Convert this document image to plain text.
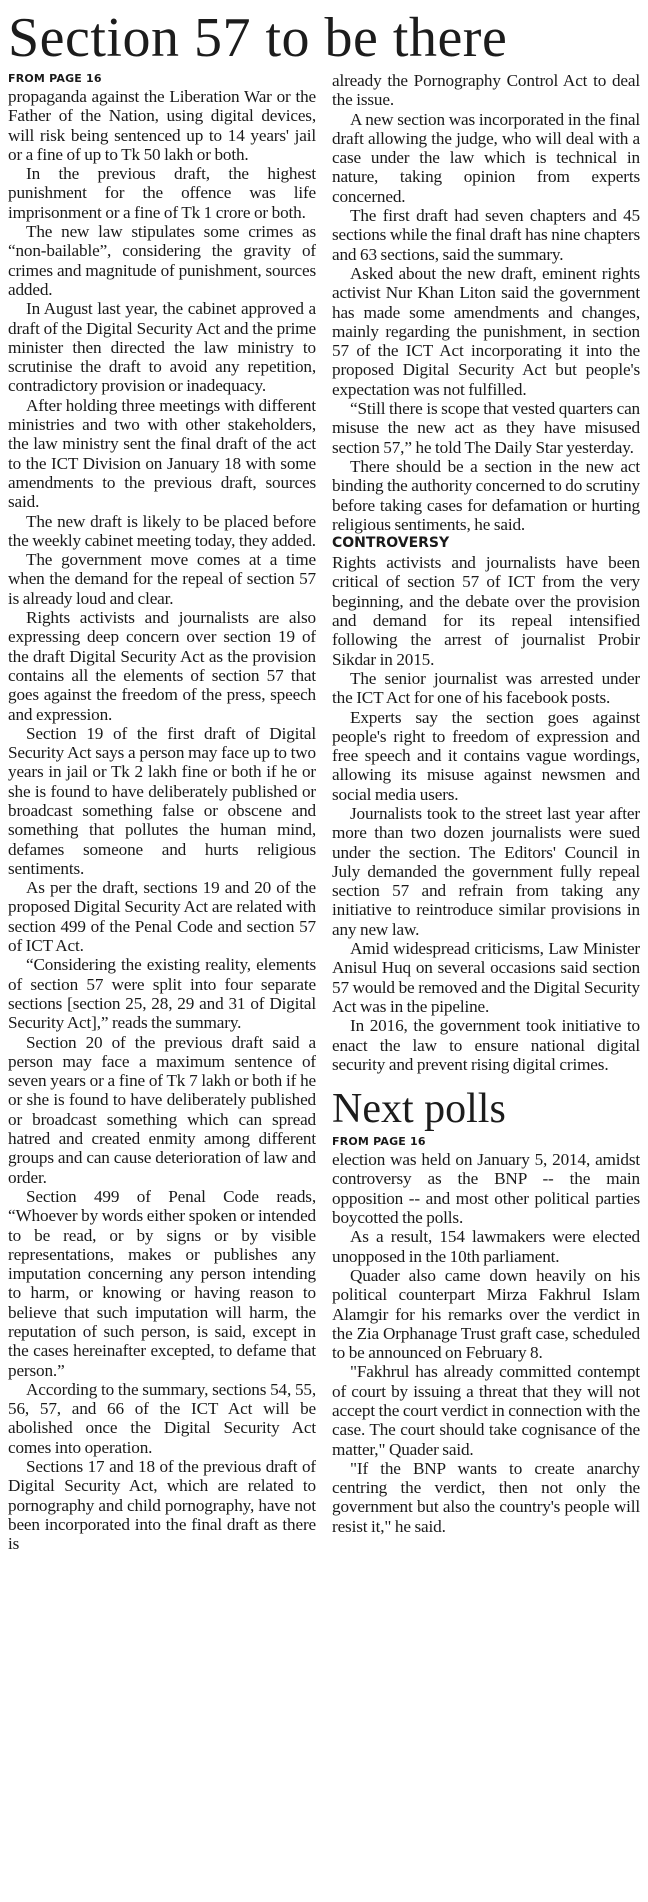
Section 57 to be there

FROM PAGE 16

propaganda against the Liberation War or the Father of the Nation, using digital devices, will risk being sentenced up to 14 years' jail or a fine of up to Tk 50 lakh or both.

In the previous draft, the highest punishment for the offence was life imprisonment or a fine of Tk 1 crore or both.

The new law stipulates some crimes as “non-bailable”, considering the gravity of crimes and magnitude of punishment, sources added.

In August last year, the cabinet approved a draft of the Digital Security Act and the prime minister then directed the law ministry to scrutinise the draft to avoid any repetition, contradictory provision or inadequacy.

After holding three meetings with different ministries and two with other stakeholders, the law ministry sent the final draft of the act to the ICT Division on January 18 with some amendments to the previous draft, sources said.

The new draft is likely to be placed before the weekly cabinet meeting today, they added.

The government move comes at a time when the demand for the repeal of section 57 is already loud and clear.

Rights activists and journalists are also expressing deep concern over section 19 of the draft Digital Security Act as the provision contains all the elements of section 57 that goes against the freedom of the press, speech and expression.

Section 19 of the first draft of Digital Security Act says a person may face up to two years in jail or Tk 2 lakh fine or both if he or she is found to have deliberately published or broadcast something false or obscene and something that pollutes the human mind, defames someone and hurts religious sentiments.

As per the draft, sections 19 and 20 of the proposed Digital Security Act are related with section 499 of the Penal Code and section 57 of ICT Act.

“Considering the existing reality, elements of section 57 were split into four separate sections [section 25, 28, 29 and 31 of Digital Security Act],” reads the summary.

Section 20 of the previous draft said a person may face a maximum sentence of seven years or a fine of Tk 7 lakh or both if he or she is found to have deliberately published or broadcast something which can spread hatred and created enmity among different groups and can cause deterioration of law and order.

Section 499 of Penal Code reads, “Whoever by words either spoken or intended to be read, or by signs or by visible representations, makes or publishes any imputation concerning any person intending to harm, or knowing or having reason to believe that such imputation will harm, the reputation of such person, is said, except in the cases hereinafter excepted, to defame that person.”

According to the summary, sections 54, 55, 56, 57, and 66 of the ICT Act will be abolished once the Digital Security Act comes into operation.

Sections 17 and 18 of the previous draft of Digital Security Act, which are related to pornography and child pornography, have not been incorporated into the final draft as there is

already the Pornography Control Act to deal the issue.

A new section was incorporated in the final draft allowing the judge, who will deal with a case under the law which is technical in nature, taking opinion from experts concerned.

The first draft had seven chapters and 45 sections while the final draft has nine chapters and 63 sections, said the summary.

Asked about the new draft, eminent rights activist Nur Khan Liton said the government has made some amendments and changes, mainly regarding the punishment, in section 57 of the ICT Act incorporating it into the proposed Digital Security Act but people's expectation was not fulfilled.

“Still there is scope that vested quarters can misuse the new act as they have misused section 57,” he told The Daily Star yesterday.

There should be a section in the new act binding the authority concerned to do scrutiny before taking cases for defamation or hurting religious sentiments, he said.

CONTROVERSY

Rights activists and journalists have been critical of section 57 of ICT from the very beginning, and the debate over the provision and demand for its repeal intensified following the arrest of journalist Probir Sikdar in 2015.

The senior journalist was arrested under the ICT Act for one of his facebook posts.

Experts say the section goes against people's right to freedom of expression and free speech and it contains vague wordings, allowing its misuse against newsmen and social media users.

Journalists took to the street last year after more than two dozen journalists were sued under the section. The Editors' Council in July demanded the government fully repeal section 57 and refrain from taking any initiative to reintroduce similar provisions in any new law.

Amid widespread criticisms, Law Minister Anisul Huq on several occasions said section 57 would be removed and the Digital Security Act was in the pipeline.

In 2016, the government took initiative to enact the law to ensure national digital security and prevent rising digital crimes.

Next polls

FROM PAGE 16

election was held on January 5, 2014, amidst controversy as the BNP -- the main opposition -- and most other political parties boycotted the polls.

As a result, 154 lawmakers were elected unopposed in the 10th parliament.

Quader also came down heavily on his political counterpart Mirza Fakhrul Islam Alamgir for his remarks over the verdict in the Zia Orphanage Trust graft case, scheduled to be announced on February 8.

"Fakhrul has already committed contempt of court by issuing a threat that they will not accept the court verdict in connection with the case. The court should take cognisance of the matter," Quader said.

"If the BNP wants to create anarchy centring the verdict, then not only the government but also the country's people will resist it," he said.
